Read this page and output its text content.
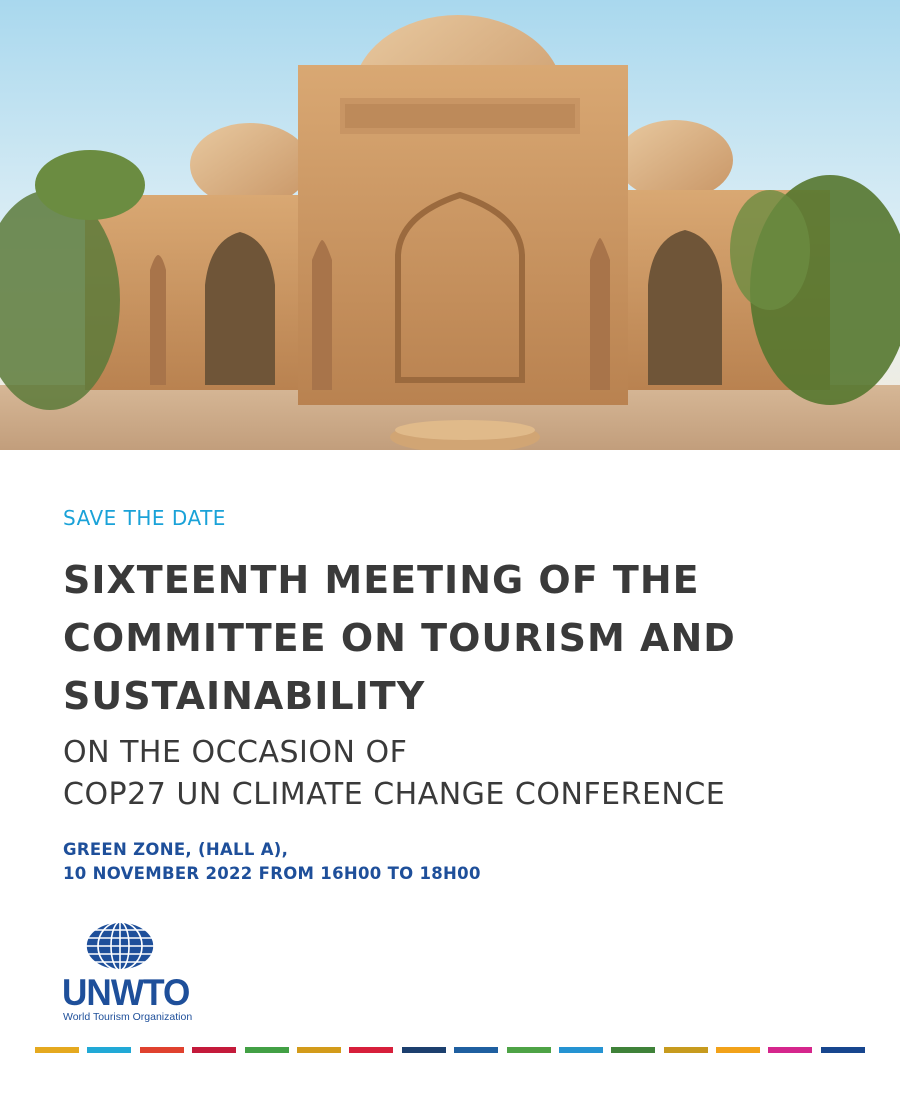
SAVE THE DATE
SIXTEENTH MEETING OF THE
COMMITTEE ON TOURISM AND
SUSTAINABILITY
ON THE OCCASION OF
COP27 UN CLIMATE CHANGE CONFERENCE
GREEN ZONE, (HALL A),
10 NOVEMBER 2022 FROM 16H00 TO 18H00
UNWTO
World Tourism Organization
